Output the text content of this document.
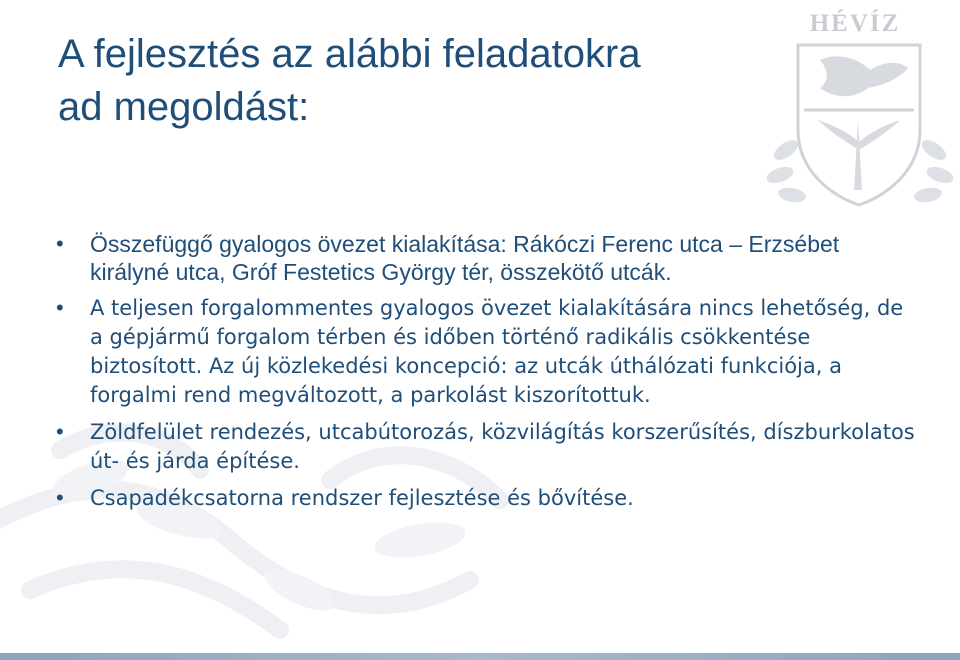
HÉVÍZ
A fejlesztés az alábbi feladatokra
ad megoldást:
• Összefüggő gyalogos övezet kialakítása: Rákóczi Ferenc utca – Erzsébet királyné utca, Gróf Festetics György tér, összekötő utcák.
• A teljesen forgalommentes gyalogos övezet kialakítására nincs lehetőség, de a gépjármű forgalom térben és időben történő radikális csökkentése biztosított. Az új közlekedési koncepció: az utcák úthálózati funkciója, a forgalmi rend megváltozott, a parkolást kiszorítottuk.
• Zöldfelület rendezés, utcabútorozás, közvilágítás korszerűsítés, díszburkolatos út- és járda építése.
• Csapadékcsatorna rendszer fejlesztése és bővítése.
